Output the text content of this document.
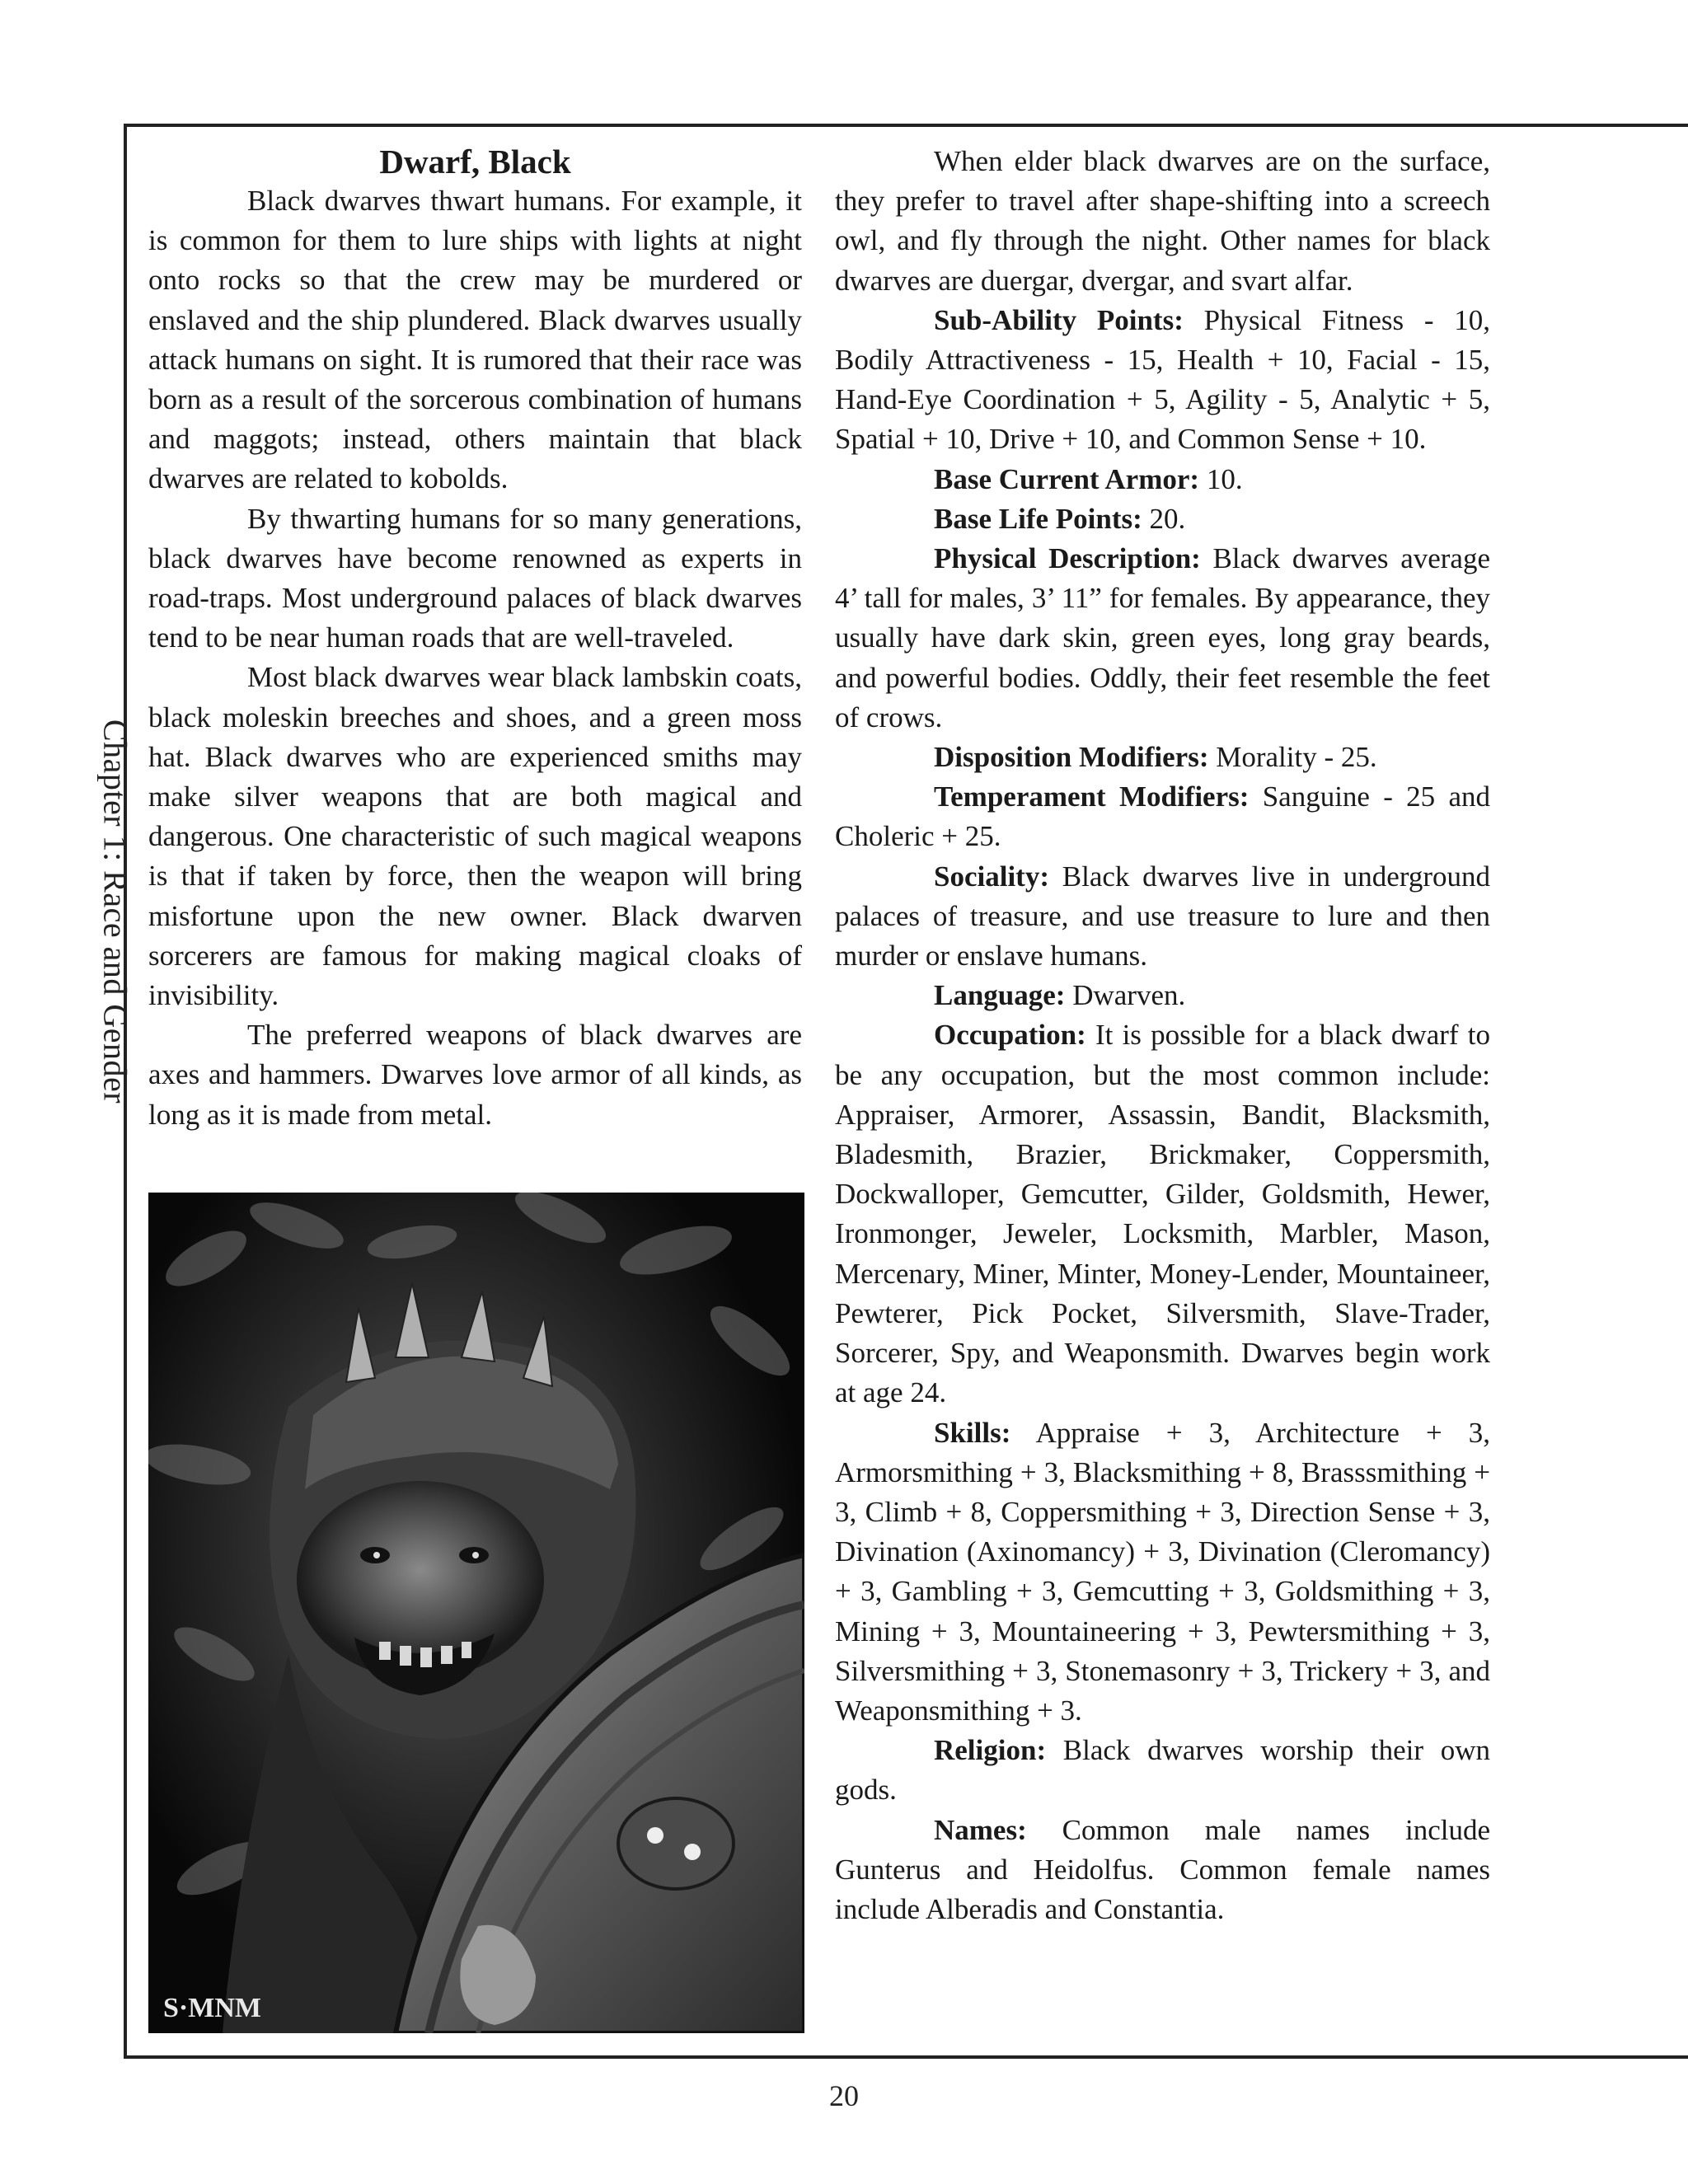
Chapter 1: Race and Gender

Dwarf, Black

Black dwarves thwart humans. For example, it is common for them to lure ships with lights at night onto rocks so that the crew may be murdered or enslaved and the ship plundered. Black dwarves usually attack humans on sight. It is rumored that their race was born as a result of the sorcerous combination of humans and maggots; instead, others maintain that black dwarves are related to kobolds.

By thwarting humans for so many generations, black dwarves have become renowned as experts in road-traps. Most underground palaces of black dwarves tend to be near human roads that are well-traveled.

Most black dwarves wear black lambskin coats, black moleskin breeches and shoes, and a green moss hat. Black dwarves who are experienced smiths may make silver weapons that are both magical and dangerous. One characteristic of such magical weapons is that if taken by force, then the weapon will bring misfortune upon the new owner. Black dwarven sorcerers are famous for making magical cloaks of invisibility.

The preferred weapons of black dwarves are axes and hammers. Dwarves love armor of all kinds, as long as it is made from metal.

S·MNM

When elder black dwarves are on the surface, they prefer to travel after shape-shifting into a screech owl, and fly through the night. Other names for black dwarves are duergar, dvergar, and svart alfar.

Sub-Ability Points: Physical Fitness - 10, Bodily Attractiveness - 15, Health + 10, Facial - 15, Hand-Eye Coordination + 5, Agility - 5, Analytic + 5, Spatial + 10, Drive + 10, and Common Sense + 10.

Base Current Armor: 10.

Base Life Points: 20.

Physical Description: Black dwarves average 4’ tall for males, 3’ 11” for females. By appearance, they usually have dark skin, green eyes, long gray beards, and powerful bodies. Oddly, their feet resemble the feet of crows.

Disposition Modifiers: Morality - 25.

Temperament Modifiers: Sanguine - 25 and Choleric + 25.

Sociality: Black dwarves live in underground palaces of treasure, and use treasure to lure and then murder or enslave humans.

Language: Dwarven.

Occupation: It is possible for a black dwarf to be any occupation, but the most common include: Appraiser, Armorer, Assassin, Bandit, Blacksmith, Bladesmith, Brazier, Brickmaker, Coppersmith, Dockwalloper, Gemcutter, Gilder, Goldsmith, Hewer, Ironmonger, Jeweler, Locksmith, Marbler, Mason, Mercenary, Miner, Minter, Money-Lender, Mountaineer, Pewterer, Pick Pocket, Silversmith, Slave-Trader, Sorcerer, Spy, and Weaponsmith. Dwarves begin work at age 24.

Skills: Appraise + 3, Architecture + 3, Armorsmithing + 3, Blacksmithing + 8, Brasssmithing + 3, Climb + 8, Coppersmithing + 3, Direction Sense + 3, Divination (Axinomancy) + 3, Divination (Cleromancy) + 3, Gambling + 3, Gemcutting + 3, Goldsmithing + 3, Mining + 3, Mountaineering + 3, Pewtersmithing + 3, Silversmithing + 3, Stonemasonry + 3, Trickery + 3, and Weaponsmithing + 3.

Religion: Black dwarves worship their own gods.

Names: Common male names include Gunterus and Heidolfus. Common female names include Alberadis and Constantia.

20
